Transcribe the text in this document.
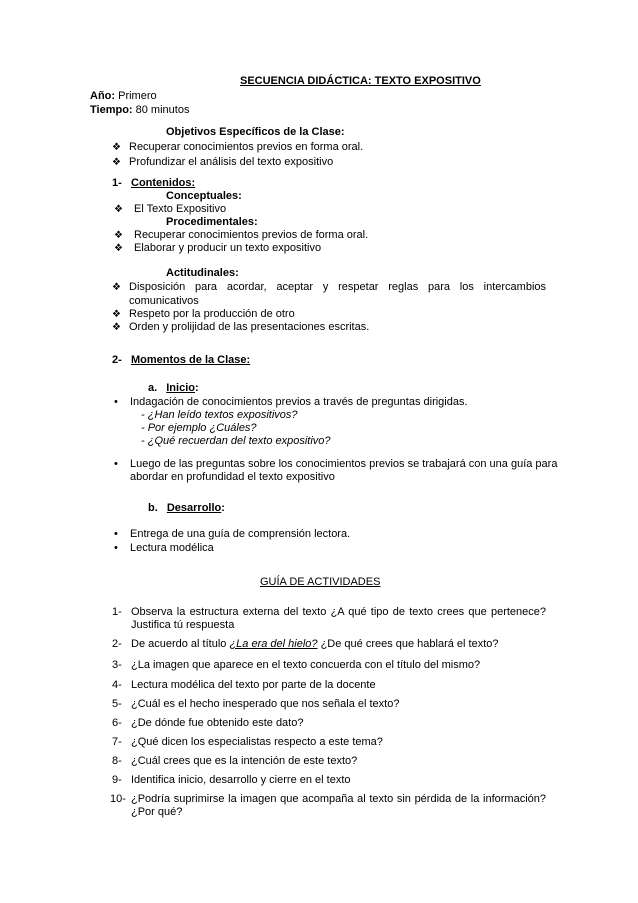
SECUENCIA DIDÁCTICA: TEXTO EXPOSITIVO
Año: Primero
Tiempo: 80 minutos
Objetivos Específicos de la Clase:
❖ Recuperar conocimientos previos en forma oral.
❖ Profundizar el análisis del texto expositivo
1- Contenidos:
Conceptuales:
❖ El Texto Expositivo
Procedimentales:
❖ Recuperar conocimientos previos de forma oral.
❖ Elaborar y producir un texto expositivo
Actitudinales:
❖ Disposición para acordar, aceptar y respetar reglas para los intercambios
comunicativos
❖ Respeto por la producción de otro
❖ Orden y prolijidad de las presentaciones escritas.
2- Momentos de la Clase:
a. Inicio:
• Indagación de conocimientos previos a través de preguntas dirigidas.
- ¿Han leído textos expositivos?
- Por ejemplo ¿Cuáles?
- ¿Qué recuerdan del texto expositivo?
• Luego de las preguntas sobre los conocimientos previos se trabajará con una guía para
abordar en profundidad el texto expositivo
b. Desarrollo:
• Entrega de una guía de comprensión lectora.
• Lectura modélica
GUÍA DE ACTIVIDADES
1- Observa la estructura externa del texto ¿A qué tipo de texto crees que pertenece?
Justifica tú respuesta
2- De acuerdo al título ¿La era del hielo? ¿De qué crees que hablará el texto?
3- ¿La imagen que aparece en el texto concuerda con el título del mismo?
4- Lectura modélica del texto por parte de la docente
5- ¿Cuál es el hecho inesperado que nos señala el texto?
6- ¿De dónde fue obtenido este dato?
7- ¿Qué dicen los especialistas respecto a este tema?
8- ¿Cuál crees que es la intención de este texto?
9- Identifica inicio, desarrollo y cierre en el texto
10- ¿Podría suprimirse la imagen que acompaña al texto sin pérdida de la información?
¿Por qué?
